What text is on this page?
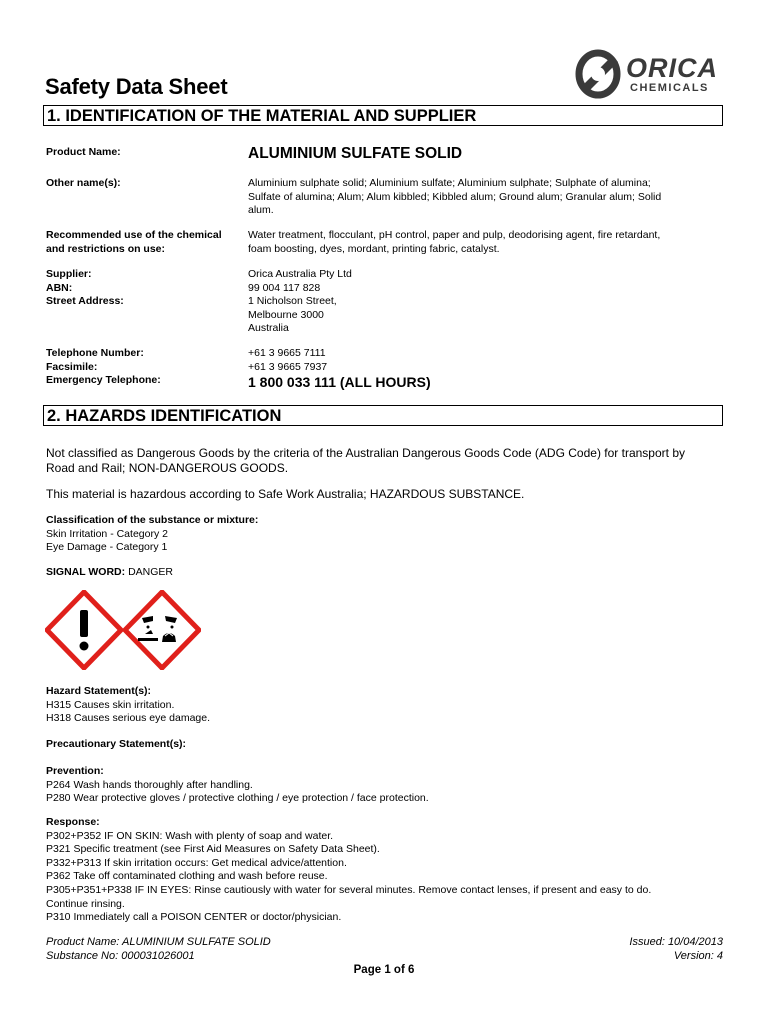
Safety Data Sheet
ORICA
CHEMICALS
1. IDENTIFICATION OF THE MATERIAL AND SUPPLIER
Product Name:	ALUMINIUM SULFATE SOLID
Other name(s):	Aluminium sulphate solid; Aluminium sulfate; Aluminium sulphate; Sulphate of alumina;
Sulfate of alumina; Alum; Alum kibbled; Kibbled alum; Ground alum; Granular alum; Solid
alum.
Recommended use of the chemical
and restrictions on use:
Water treatment, flocculant, pH control, paper and pulp, deodorising agent, fire retardant,
foam boosting, dyes, mordant, printing fabric, catalyst.
Supplier:
ABN:
Street Address:
Orica Australia Pty Ltd
99 004 117 828
1 Nicholson Street,
Melbourne 3000
Australia
Telephone Number:
Facsimile:
Emergency Telephone:
+61 3 9665 7111
+61 3 9665 7937
1 800 033 111 (ALL HOURS)
2. HAZARDS IDENTIFICATION
Not classified as Dangerous Goods by the criteria of the Australian Dangerous Goods Code (ADG Code) for transport by
Road and Rail; NON-DANGEROUS GOODS.
This material is hazardous according to Safe Work Australia; HAZARDOUS SUBSTANCE.
Classification of the substance or mixture:
Skin Irritation - Category 2
Eye Damage - Category 1
SIGNAL WORD: DANGER
Hazard Statement(s):
H315 Causes skin irritation.
H318 Causes serious eye damage.
Precautionary Statement(s):
Prevention:
P264 Wash hands thoroughly after handling.
P280 Wear protective gloves / protective clothing / eye protection / face protection.
Response:
P302+P352 IF ON SKIN: Wash with plenty of soap and water.
P321 Specific treatment (see First Aid Measures on Safety Data Sheet).
P332+P313 If skin irritation occurs: Get medical advice/attention.
P362 Take off contaminated clothing and wash before reuse.
P305+P351+P338 IF IN EYES: Rinse cautiously with water for several minutes. Remove contact lenses, if present and easy to do.
Continue rinsing.
P310 Immediately call a POISON CENTER or doctor/physician.
Product Name: ALUMINIUM SULFATE SOLID
Substance No: 000031026001
Issued: 10/04/2013
Version: 4
Page 1 of 6
